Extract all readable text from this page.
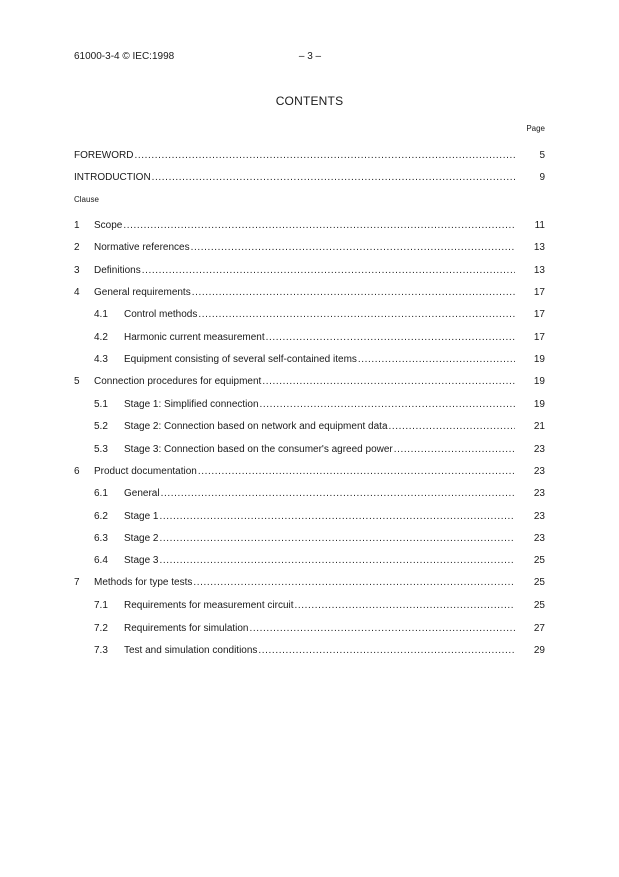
61000-3-4 © IEC:1998	– 3 –
CONTENTS
Page
FOREWORD .....	5
INTRODUCTION .....	9
Clause
1 Scope .....	11
2 Normative references .....	13
3 Definitions .....	13
4 General requirements .....	17
4.1 Control methods .....	17
4.2 Harmonic current measurement .....	17
4.3 Equipment consisting of several self-contained items .....	19
5 Connection procedures for equipment .....	19
5.1 Stage 1: Simplified connection .....	19
5.2 Stage 2: Connection based on network and equipment data .....	21
5.3 Stage 3: Connection based on the consumer's agreed power .....	23
6 Product documentation .....	23
6.1 General .....	23
6.2 Stage 1 .....	23
6.3 Stage 2 .....	23
6.4 Stage 3 .....	25
7 Methods for type tests .....	25
7.1 Requirements for measurement circuit .....	25
7.2 Requirements for simulation .....	27
7.3 Test and simulation conditions .....	29
